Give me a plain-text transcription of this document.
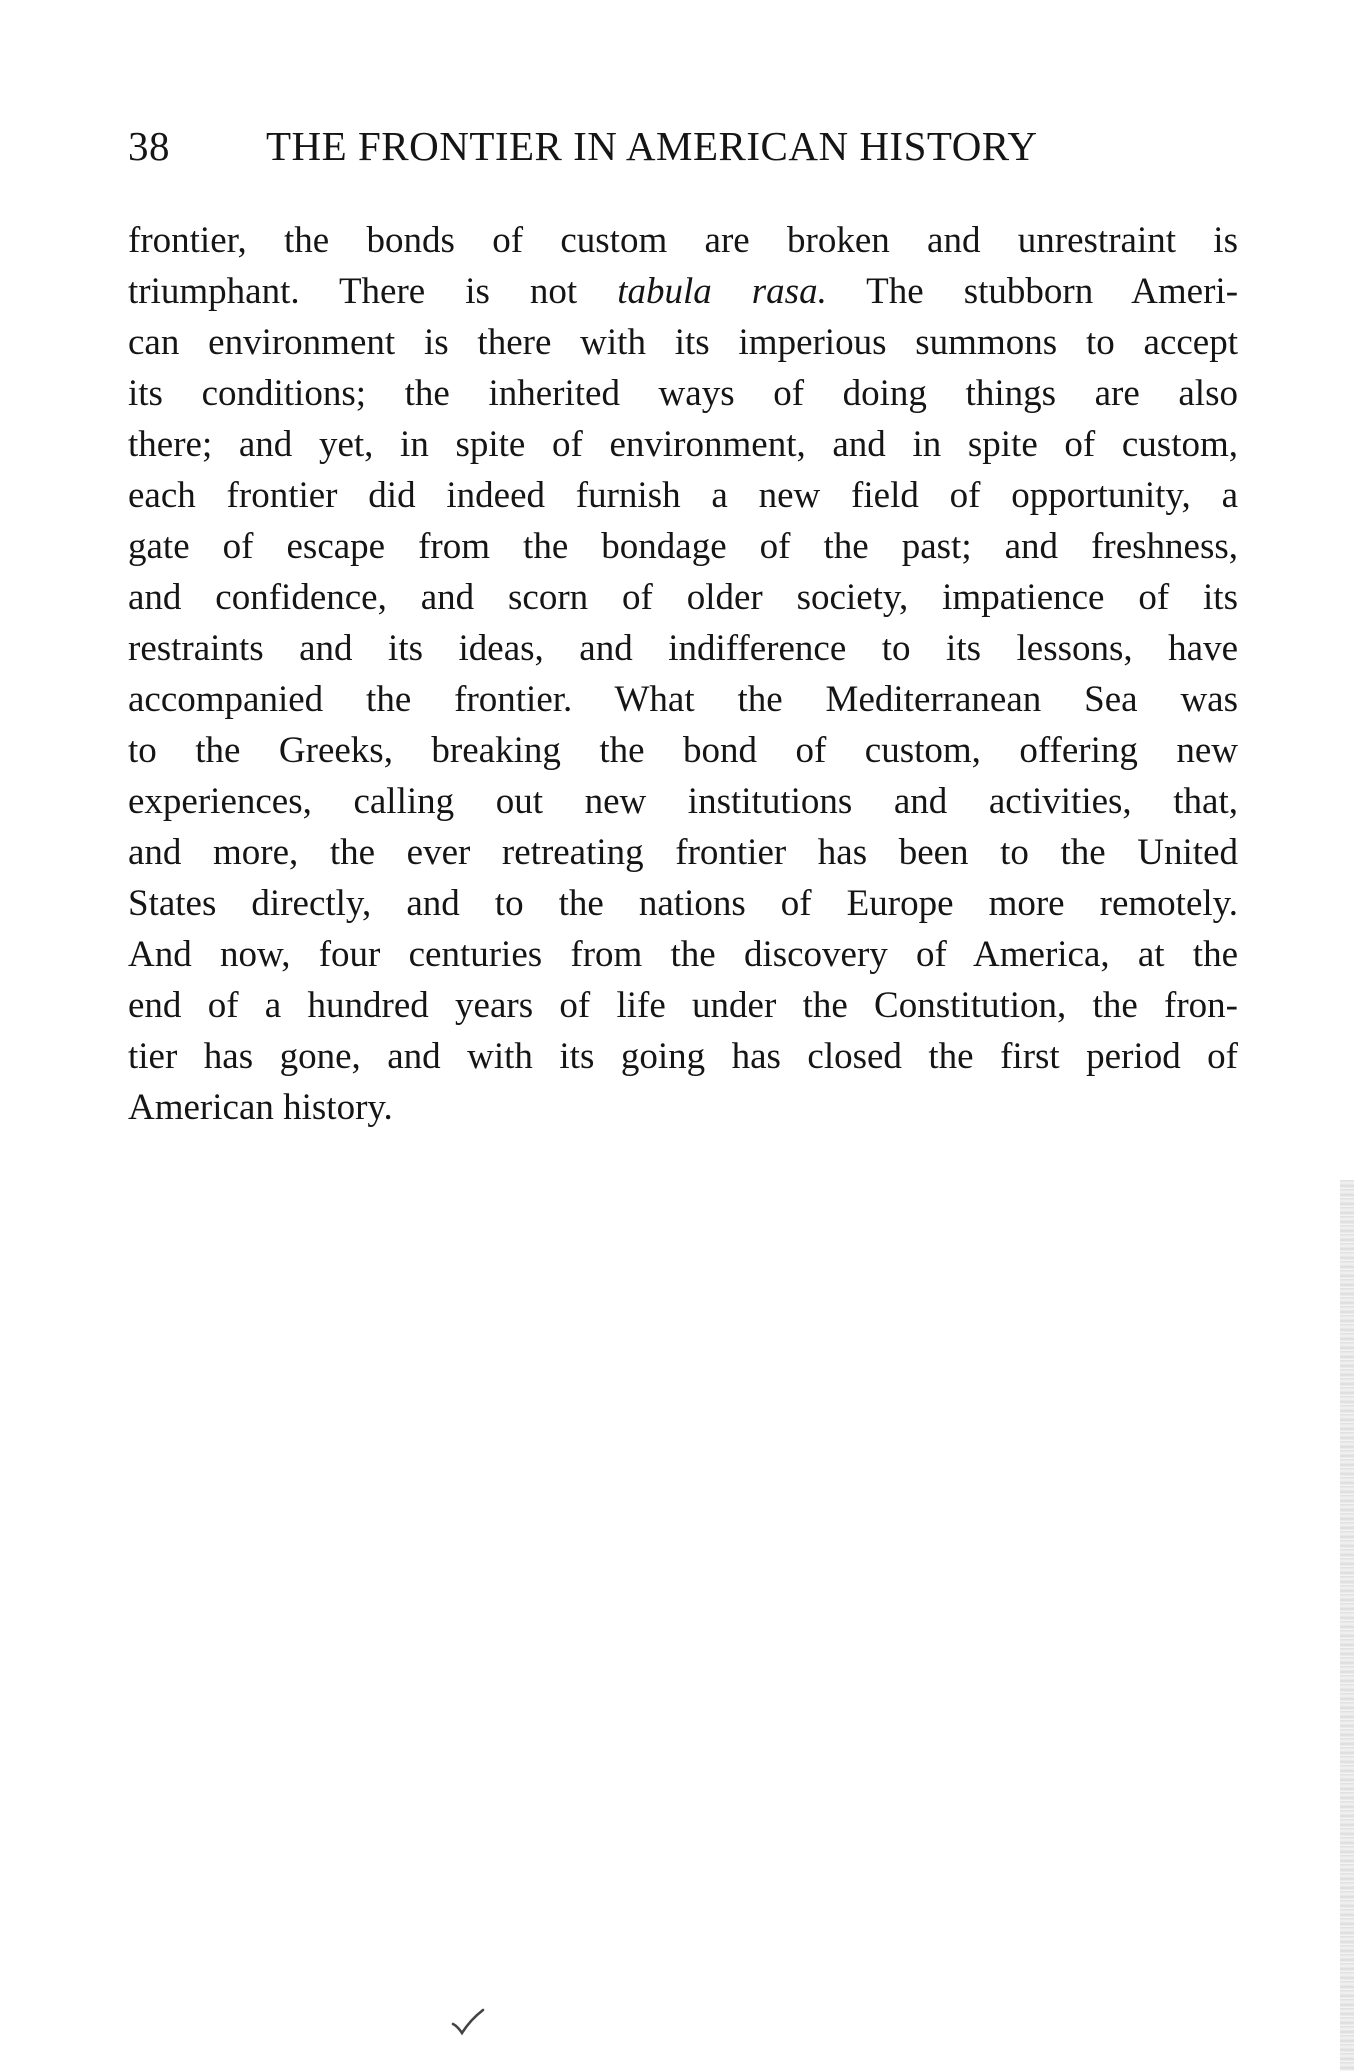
38 THE FRONTIER IN AMERICAN HISTORY
frontier, the bonds of custom are broken and unrestraint is
triumphant. There is not tabula rasa. The stubborn Ameri-
can environment is there with its imperious summons to accept
its conditions; the inherited ways of doing things are also
there; and yet, in spite of environment, and in spite of custom,
each frontier did indeed furnish a new field of opportunity, a
gate of escape from the bondage of the past; and freshness,
and confidence, and scorn of older society, impatience of its
restraints and its ideas, and indifference to its lessons, have
accompanied the frontier. What the Mediterranean Sea was
to the Greeks, breaking the bond of custom, offering new
experiences, calling out new institutions and activities, that,
and more, the ever retreating frontier has been to the United
States directly, and to the nations of Europe more remotely.
And now, four centuries from the discovery of America, at the
end of a hundred years of life under the Constitution, the fron-
tier has gone, and with its going has closed the first period of
American history.
